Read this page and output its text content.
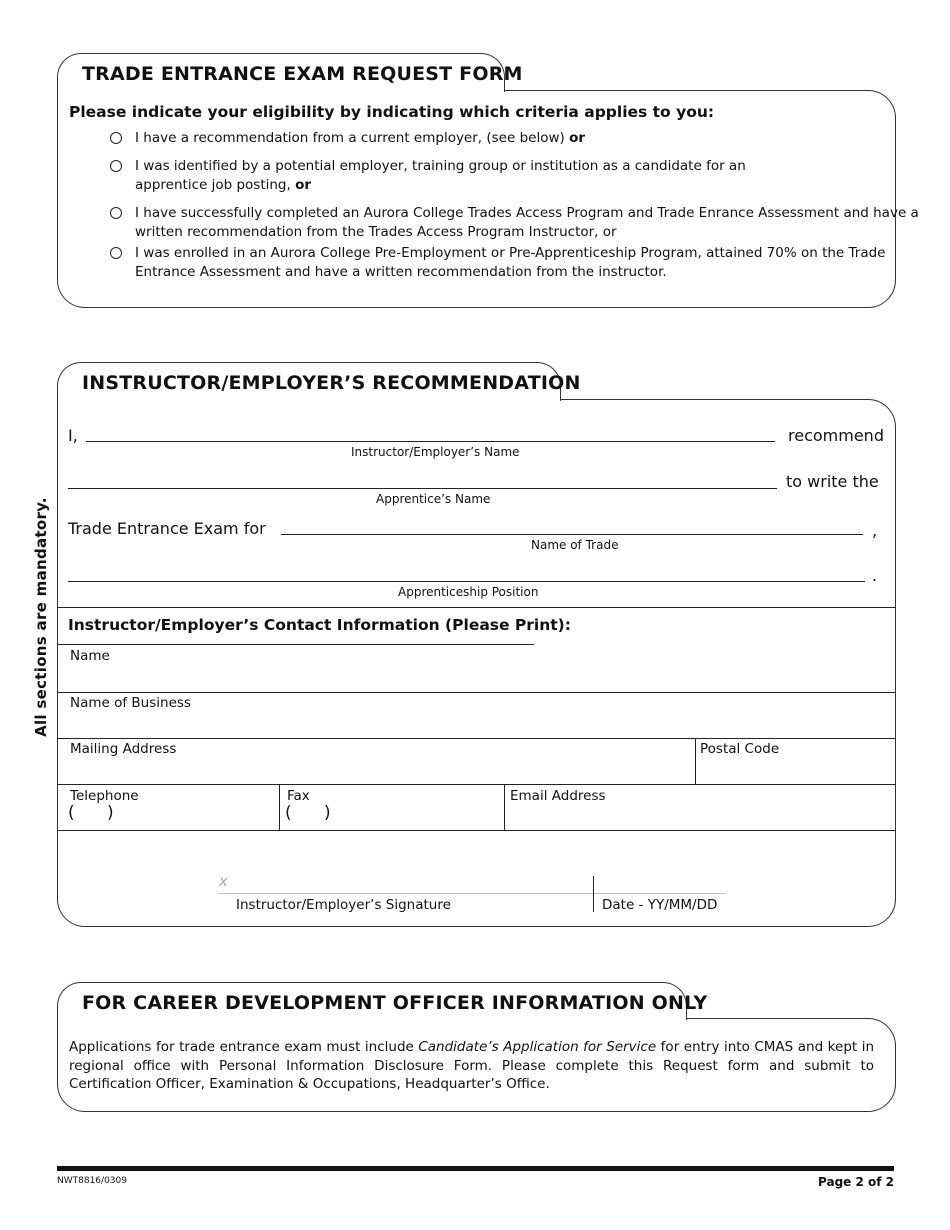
TRADE ENTRANCE EXAM REQUEST FORM
Please indicate your eligibility by indicating which criteria applies to you:
I have a recommendation from a current employer, (see below) or
I was identified by a potential employer, training group or institution as a candidate for an
apprentice job posting, or
I have successfully completed an Aurora College Trades Access Program and Trade Enrance Assessment and have a
written recommendation from the Trades Access Program Instructor, or
I was enrolled in an Aurora College Pre-Employment or Pre-Apprenticeship Program, attained 70% on the Trade
Entrance Assessment and have a written recommendation from the instructor.
All sections are mandatory.
INSTRUCTOR/EMPLOYER’S RECOMMENDATION
I,	recommend
Instructor/Employer’s Name
to write the
Apprentice’s Name
Trade Entrance Exam for	,
Name of Trade
.
Apprenticeship Position
Instructor/Employer’s Contact Information (Please Print):
Name
Name of Business
Mailing Address	Postal Code
Telephone
(      )
Fax
(      )
Email Address
x
Instructor/Employer’s Signature	Date - YY/MM/DD
FOR CAREER DEVELOPMENT OFFICER INFORMATION ONLY
Applications for trade entrance exam must include Candidate’s Application for Service for entry into CMAS and kept in regional office with Personal Information Disclosure Form. Please complete this Request form and submit to Certification Officer, Examination & Occupations, Headquarter’s Office.
NWT8816/0309	Page 2 of 2
